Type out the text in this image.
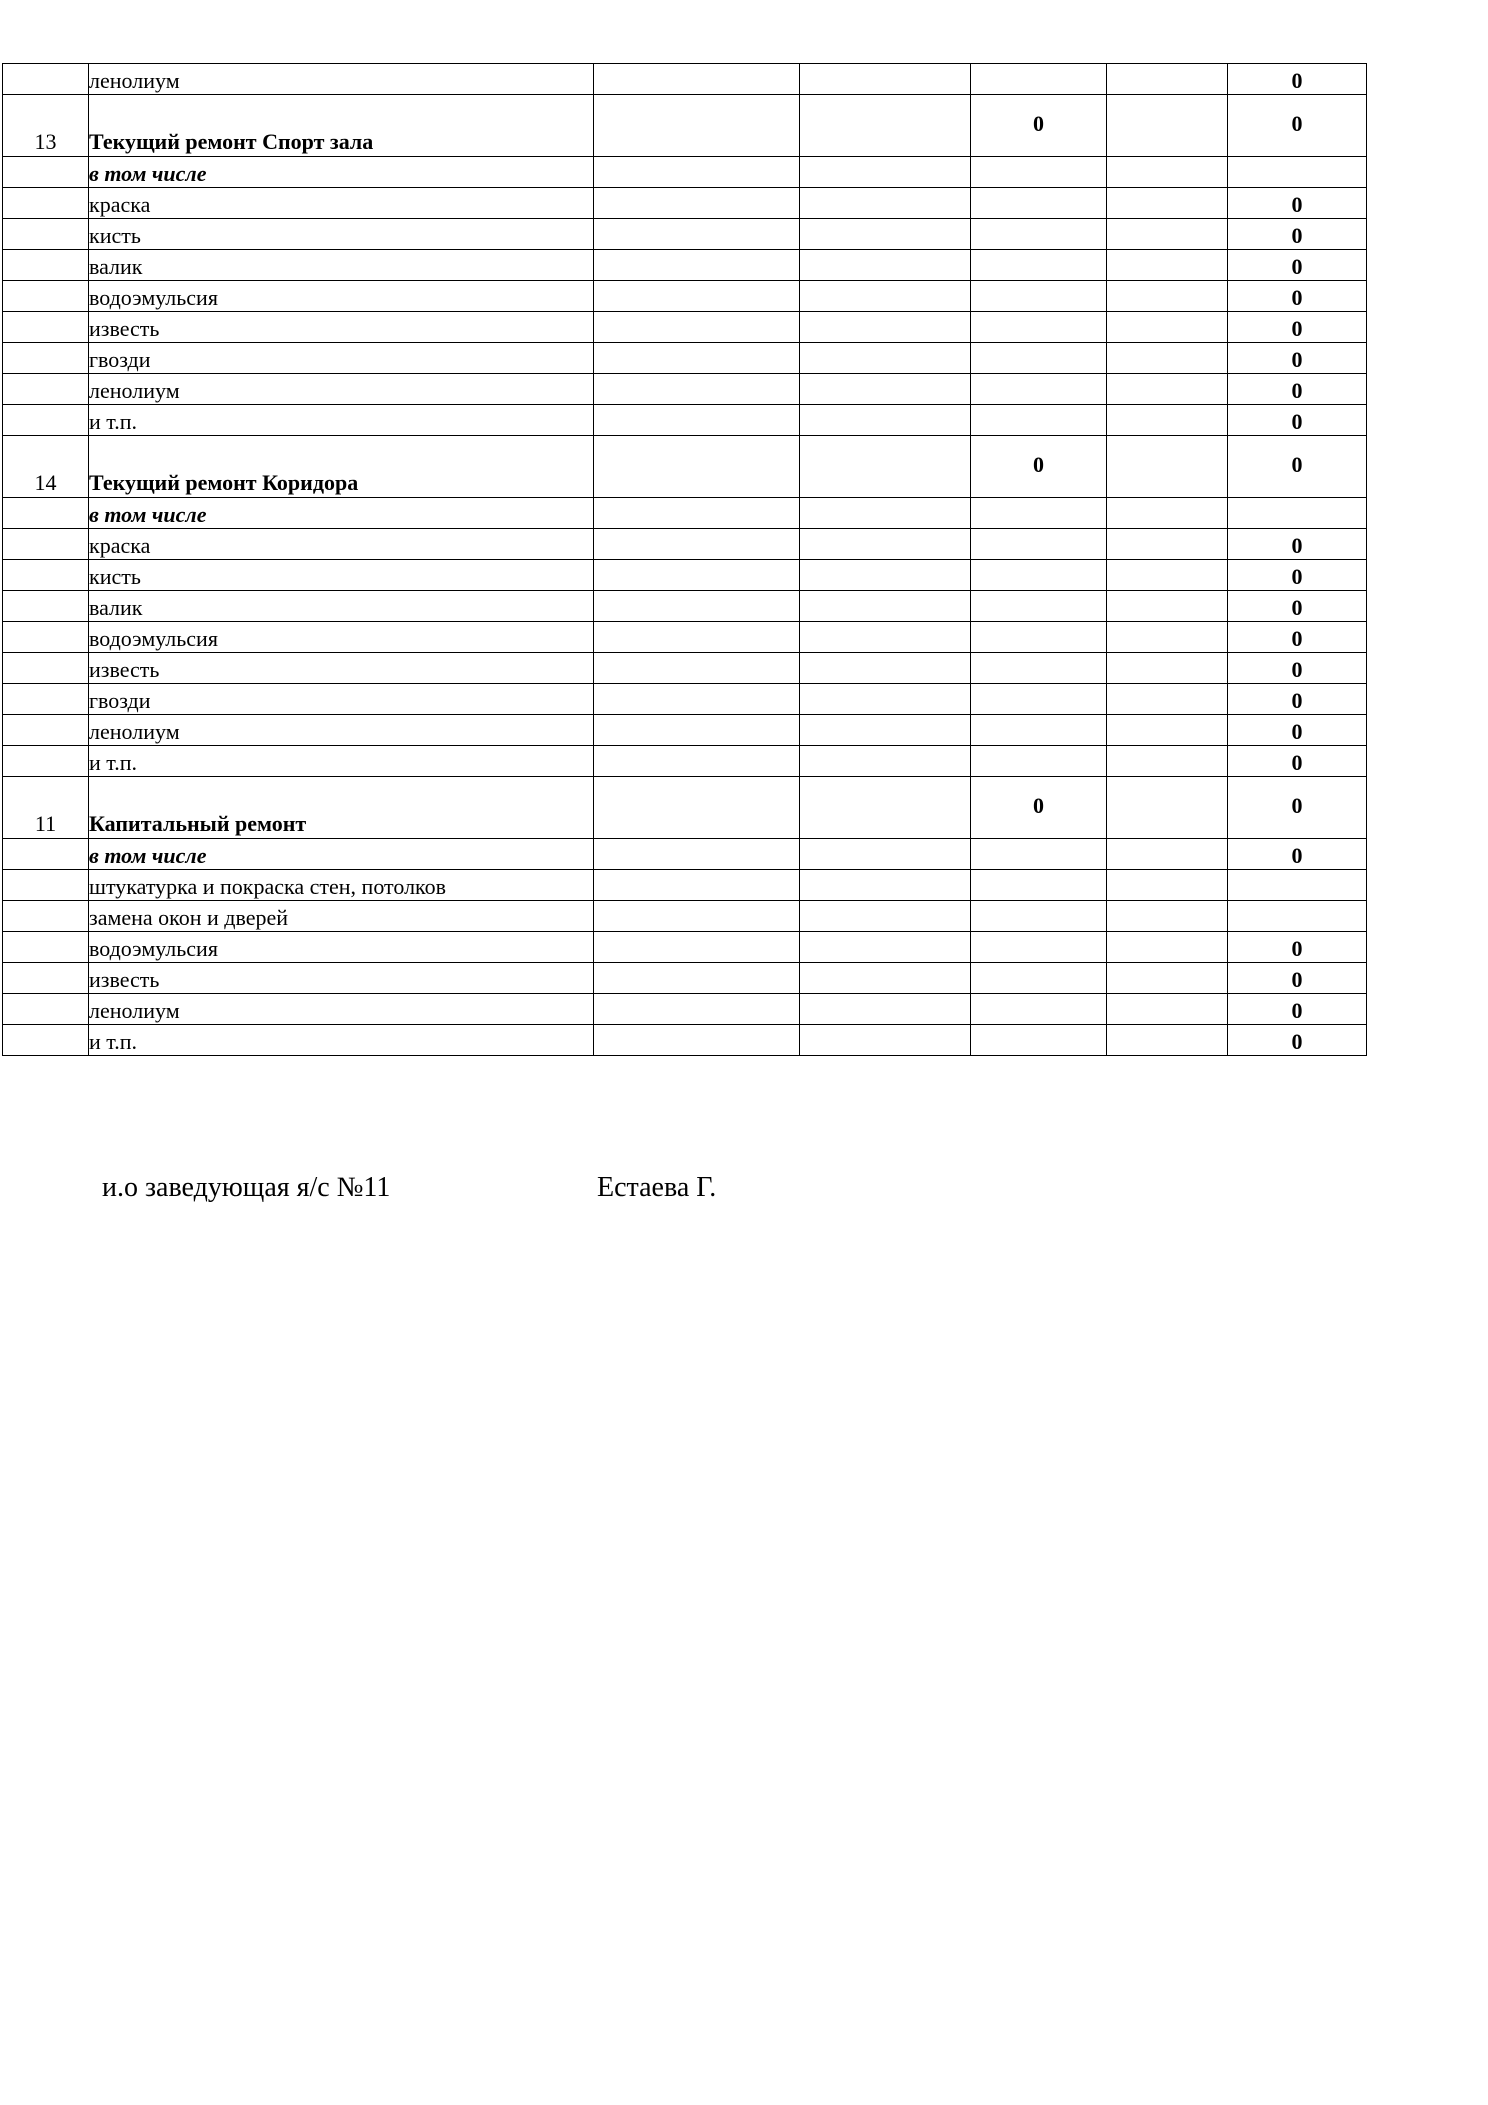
	ленолиум					0
13	Текущий ремонт Спорт зала			0		0
	в том числе					
	краска					0
	кисть					0
	валик					0
	водоэмульсия					0
	известь					0
	гвозди					0
	ленолиум					0
	и т.п.					0
14	Текущий ремонт Коридора			0		0
	в том числе					
	краска					0
	кисть					0
	валик					0
	водоэмульсия					0
	известь					0
	гвозди					0
	ленолиум					0
	и т.п.					0
11	Капитальный ремонт			0		0
	в том числе					0
	штукатурка и покраска стен, потолков					
	замена окон и дверей					
	водоэмульсия					0
	известь					0
	ленолиум					0
	и т.п.					0
и.о заведующая я/с №11	Естаева Г.
